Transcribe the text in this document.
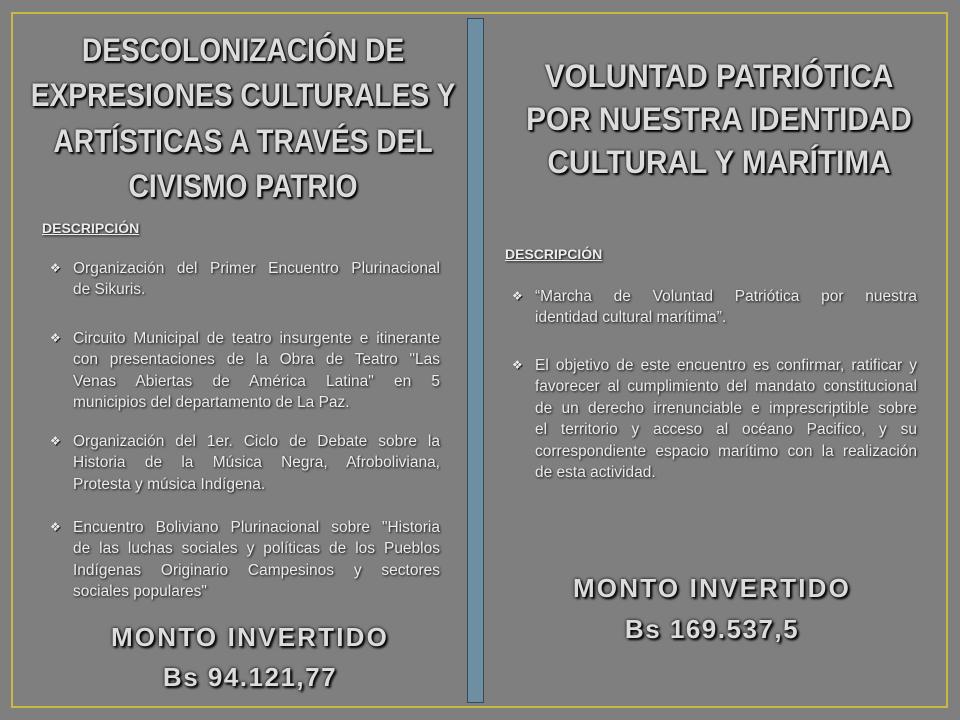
DESCOLONIZACIÓN DE
EXPRESIONES CULTURALES Y
ARTÍSTICAS A TRAVÉS DEL
CIVISMO PATRIO
DESCRIPCIÓN
❖
Organización del Primer Encuentro Plurinacional
de Sikuris.
❖
Circuito Municipal de teatro insurgente e itinerante
con presentaciones de la Obra de Teatro "Las
Venas Abiertas de América Latina" en 5
municipios del departamento de La Paz.
❖
Organización del 1er. Ciclo de Debate sobre la
Historia de la Música Negra, Afroboliviana,
Protesta y música Indígena.
❖
Encuentro Boliviano Plurinacional sobre "Historia
de las luchas sociales y políticas de los Pueblos
Indígenas Originario Campesinos y sectores
sociales populares"
MONTO INVERTIDO
Bs 94.121,77
VOLUNTAD PATRIÓTICA
POR NUESTRA IDENTIDAD
CULTURAL Y MARÍTIMA
DESCRIPCIÓN
❖
“Marcha de Voluntad Patriótica por nuestra
identidad cultural marítima”.
❖
El objetivo de este encuentro es confirmar, ratificar y
favorecer al cumplimiento del mandato constitucional
de un derecho irrenunciable e imprescriptible sobre
el territorio y acceso al océano Pacifico, y su
correspondiente espacio marítimo con la realización
de esta actividad.
MONTO INVERTIDO
Bs 169.537,5
